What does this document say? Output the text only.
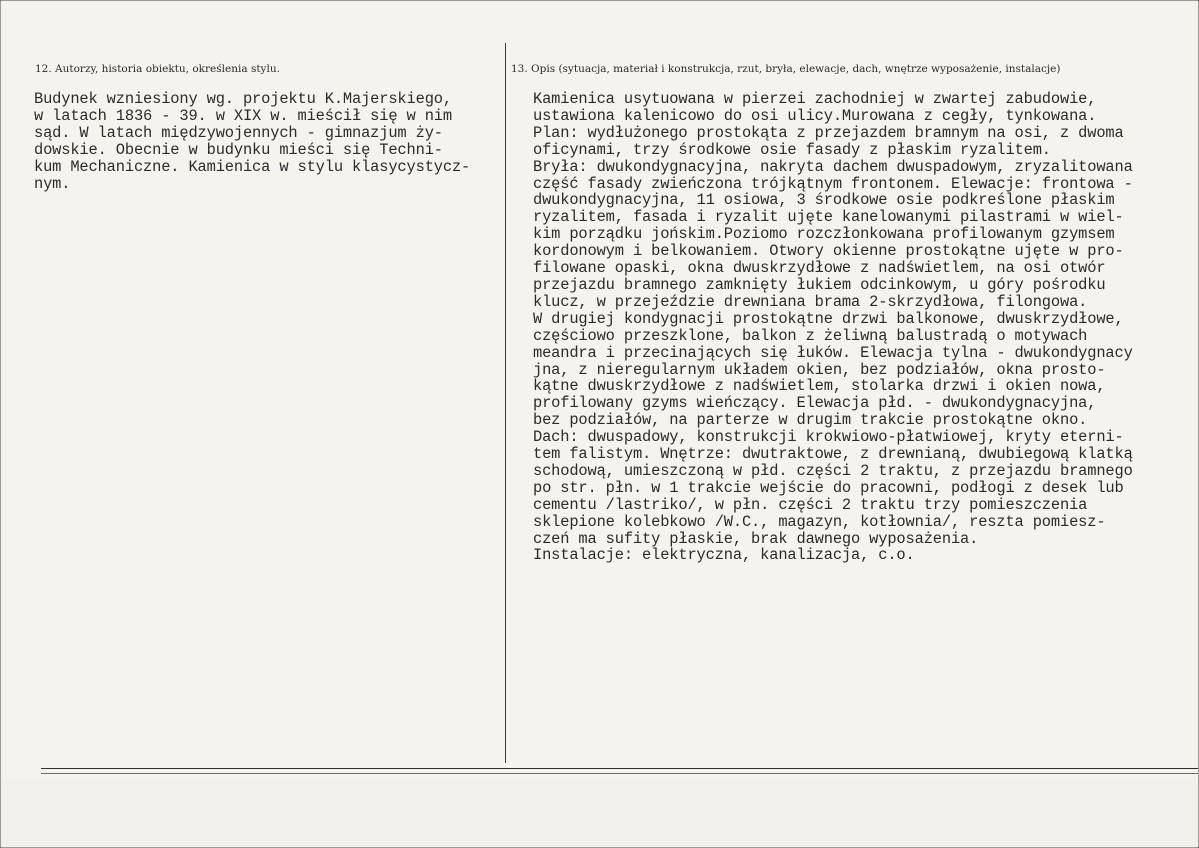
12. Autorzy, historia obiektu, określenia stylu.	13. Opis (sytuacja, materiał i konstrukcja, rzut, bryła, elewacje, dach, wnętrze wyposażenie, instalacje)
Budynek wzniesiony wg. projektu K.Majerskiego,
w latach 1836 - 39. w XIX w. mieścił się w nim
sąd. W latach międzywojennych - gimnazjum ży-
dowskie. Obecnie w budynku mieści się Techni-
kum Mechaniczne. Kamienica w stylu klasycystycz-
nym.
Kamienica usytuowana w pierzei zachodniej w zwartej zabudowie,
ustawiona kalenicowo do osi ulicy.Murowana z cegły, tynkowana.
Plan: wydłużonego prostokąta z przejazdem bramnym na osi, z dwoma
oficynami, trzy środkowe osie fasady z płaskim ryzalitem.
Bryła: dwukondygnacyjna, nakryta dachem dwuspadowym, zryzalitowana
część fasady zwieńczona trójkątnym frontonem. Elewacje: frontowa -
dwukondygnacyjna, 11 osiowa, 3 środkowe osie podkreślone płaskim
ryzalitem, fasada i ryzalit ujęte kanelowanymi pilastrami w wiel-
kim porządku jońskim.Poziomo rozczłonkowana profilowanym gzymsem
kordonowym i belkowaniem. Otwory okienne prostokątne ujęte w pro-
filowane opaski, okna dwuskrzydłowe z nadświetlem, na osi otwór
przejazdu bramnego zamknięty łukiem odcinkowym, u góry pośrodku
klucz, w przejeździe drewniana brama 2-skrzydłowa, filongowa.
W drugiej kondygnacji prostokątne drzwi balkonowe, dwuskrzydłowe,
częściowo przeszklone, balkon z żeliwną balustradą o motywach
meandra i przecinających się łuków. Elewacja tylna - dwukondygnacy
jna, z nieregularnym układem okien, bez podziałów, okna prosto-
kątne dwuskrzydłowe z nadświetlem, stolarka drzwi i okien nowa,
profilowany gzyms wieńczący. Elewacja płd. - dwukondygnacyjna,
bez podziałów, na parterze w drugim trakcie prostokątne okno.
Dach: dwuspadowy, konstrukcji krokwiowo-płatwiowej, kryty eterni-
tem falistym. Wnętrze: dwutraktowe, z drewnianą, dwubiegową klatką
schodową, umieszczoną w płd. części 2 traktu, z przejazdu bramnego
po str. płn. w 1 trakcie wejście do pracowni, podłogi z desek lub
cementu /lastriko/, w płn. części 2 traktu trzy pomieszczenia
sklepione kolebkowo /W.C., magazyn, kotłownia/, reszta pomiesz-
czeń ma sufity płaskie, brak dawnego wyposażenia.
Instalacje: elektryczna, kanalizacja, c.o.
